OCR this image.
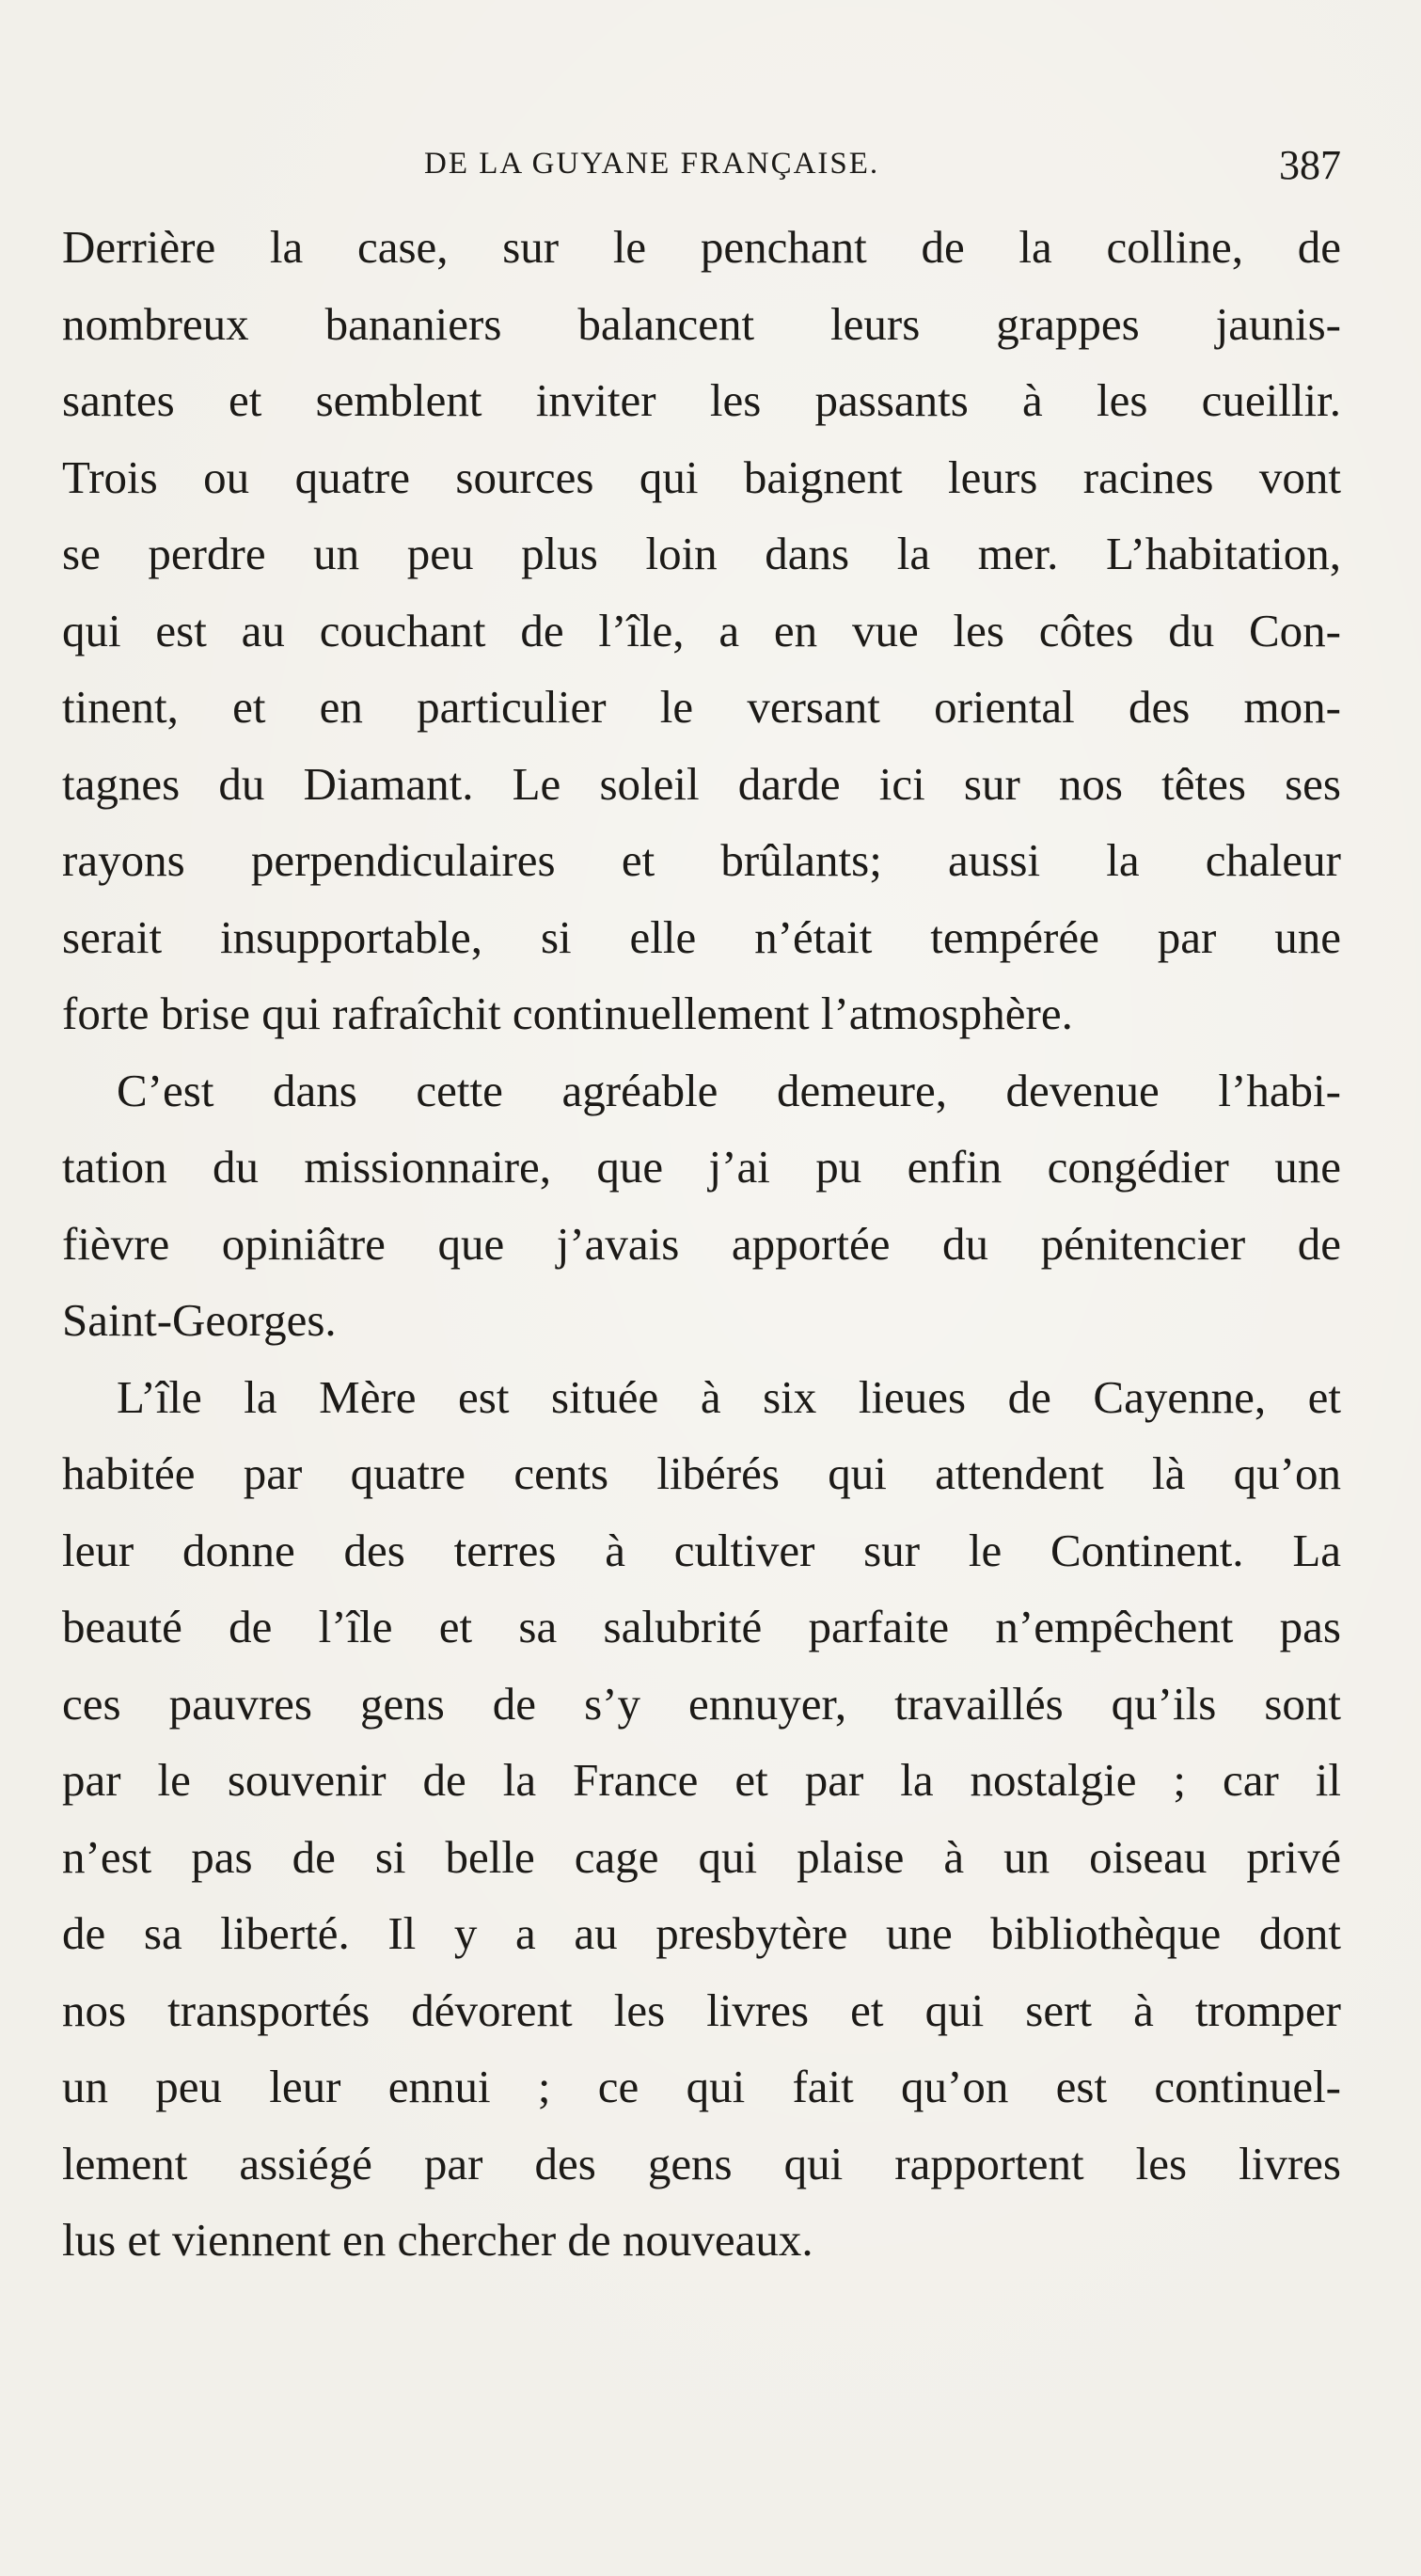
DE LA GUYANE FRANÇAISE.	387
Derrière la case, sur le penchant de la colline, de
nombreux bananiers balancent leurs grappes jaunis-
santes et semblent inviter les passants à les cueillir.
Trois ou quatre sources qui baignent leurs racines vont
se perdre un peu plus loin dans la mer. L’habitation,
qui est au couchant de l’île, a en vue les côtes du Con-
tinent, et en particulier le versant oriental des mon-
tagnes du Diamant. Le soleil darde ici sur nos têtes ses
rayons perpendiculaires et brûlants; aussi la chaleur
serait insupportable, si elle n’était tempérée par une
forte brise qui rafraîchit continuellement l’atmosphère.
C’est dans cette agréable demeure, devenue l’habi-
tation du missionnaire, que j’ai pu enfin congédier une
fièvre opiniâtre que j’avais apportée du pénitencier de
Saint-Georges.
L’île la Mère est située à six lieues de Cayenne, et
habitée par quatre cents libérés qui attendent là qu’on
leur donne des terres à cultiver sur le Continent. La
beauté de l’île et sa salubrité parfaite n’empêchent pas
ces pauvres gens de s’y ennuyer, travaillés qu’ils sont
par le souvenir de la France et par la nostalgie ; car il
n’est pas de si belle cage qui plaise à un oiseau privé
de sa liberté. Il y a au presbytère une bibliothèque dont
nos transportés dévorent les livres et qui sert à tromper
un peu leur ennui ; ce qui fait qu’on est continuel-
lement assiégé par des gens qui rapportent les livres
lus et viennent en chercher de nouveaux.
